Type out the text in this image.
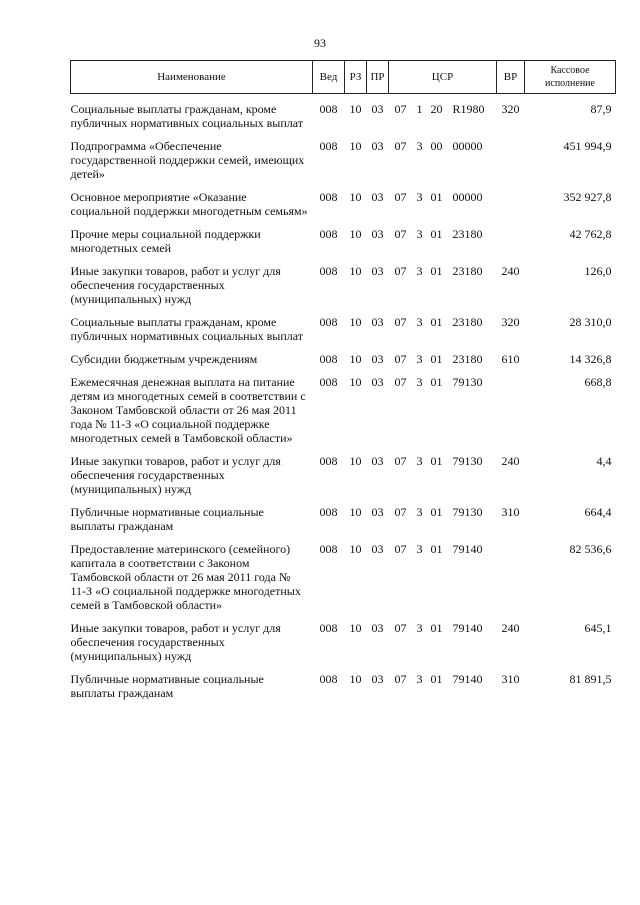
93
Наименование	Вед	РЗ	ПР	ЦСР	ВР	Кассовое исполнение
Социальные выплаты гражданам, кроме публичных нормативных социальных выплат	008	10	03	07 1 20 R1980	320	87,9
Подпрограмма «Обеспечение государственной поддержки семей, имеющих детей»	008	10	03	07 3 00 00000		451 994,9
Основное мероприятие «Оказание социальной поддержки многодетным семьям»	008	10	03	07 3 01 00000		352 927,8
Прочие меры социальной поддержки многодетных семей	008	10	03	07 3 01 23180		42 762,8
Иные закупки товаров, работ и услуг для обеспечения государственных (муниципальных) нужд	008	10	03	07 3 01 23180	240	126,0
Социальные выплаты гражданам, кроме публичных нормативных социальных выплат	008	10	03	07 3 01 23180	320	28 310,0
Субсидии бюджетным учреждениям	008	10	03	07 3 01 23180	610	14 326,8
Ежемесячная денежная выплата на питание детям из многодетных семей в соответствии с Законом Тамбовской области от 26 мая 2011 года № 11-З «О социальной поддержке многодетных семей в Тамбовской области»	008	10	03	07 3 01 79130		668,8
Иные закупки товаров, работ и услуг для обеспечения государственных (муниципальных) нужд	008	10	03	07 3 01 79130	240	4,4
Публичные нормативные социальные выплаты гражданам	008	10	03	07 3 01 79130	310	664,4
Предоставление материнского (семейного) капитала в соответствии с Законом Тамбовской области от 26 мая 2011 года № 11-З «О социальной поддержке многодетных семей в Тамбовской области»	008	10	03	07 3 01 79140		82 536,6
Иные закупки товаров, работ и услуг для обеспечения государственных (муниципальных) нужд	008	10	03	07 3 01 79140	240	645,1
Публичные нормативные социальные выплаты гражданам	008	10	03	07 3 01 79140	310	81 891,5
